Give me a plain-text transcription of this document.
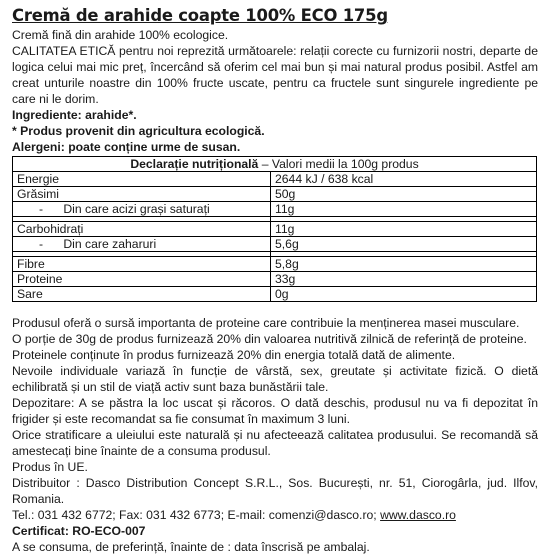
Cremă de arahide coapte 100% ECO 175g

Cremă fină din arahide 100% ecologice.

CALITATEA ETICĂ pentru noi reprezită următoarele: relații corecte cu furnizorii nostri, departe de logica celui mai mic preț, încercând să oferim cel mai bun și mai natural produs posibil. Astfel am creat unturile noastre din 100% fructe uscate, pentru ca fructele sunt singurele ingrediente pe care ni le dorim.

Ingrediente: arahide*.

* Produs provenit din agricultura ecologică.

Alergeni: poate conține urme de susan.

Declarație nutrițională – Valori medii la 100g produs	
Energie	2644 kJ / 638 kcal
Grăsimi	50g
-      Din care acizi grași saturați	11g

Carbohidrați	11g
-      Din care zaharuri	5,6g

Fibre	5,8g
Proteine	33g
Sare	0g

Produsul oferă o sursă importanta de proteine care contribuie la menținerea masei musculare.

O porție de 30g de produs furnizează 20% din valoarea nutritivă zilnică de referință de proteine.

Proteinele conținute în produs furnizează 20% din energia totală dată de alimente.

Nevoile individuale variază în funcție de vârstă, sex, greutate și activitate fizică. O dietă echilibrată și un stil de viață activ sunt baza bunăstării tale.

Depozitare: A se păstra la loc uscat și răcoros. O dată deschis, produsul nu va fi depozitat în frigider și este recomandat sa fie consumat în maximum 3 luni.

Orice stratificare a uleiului este naturală și nu afecteează calitatea produsului. Se recomandă să amestecați bine înainte de a consuma produsul.

Produs în UE.

Distribuitor : Dasco Distribution Concept S.R.L., Sos. București, nr. 51, Ciorogârla, jud. Ilfov, Romania.

Tel.: 031 432 6772; Fax: 031 432 6773; E-mail: comenzi@dasco.ro; www.dasco.ro

Certificat: RO-ECO-007

A se consuma, de preferință, înainte de : data înscrisă pe ambalaj.
